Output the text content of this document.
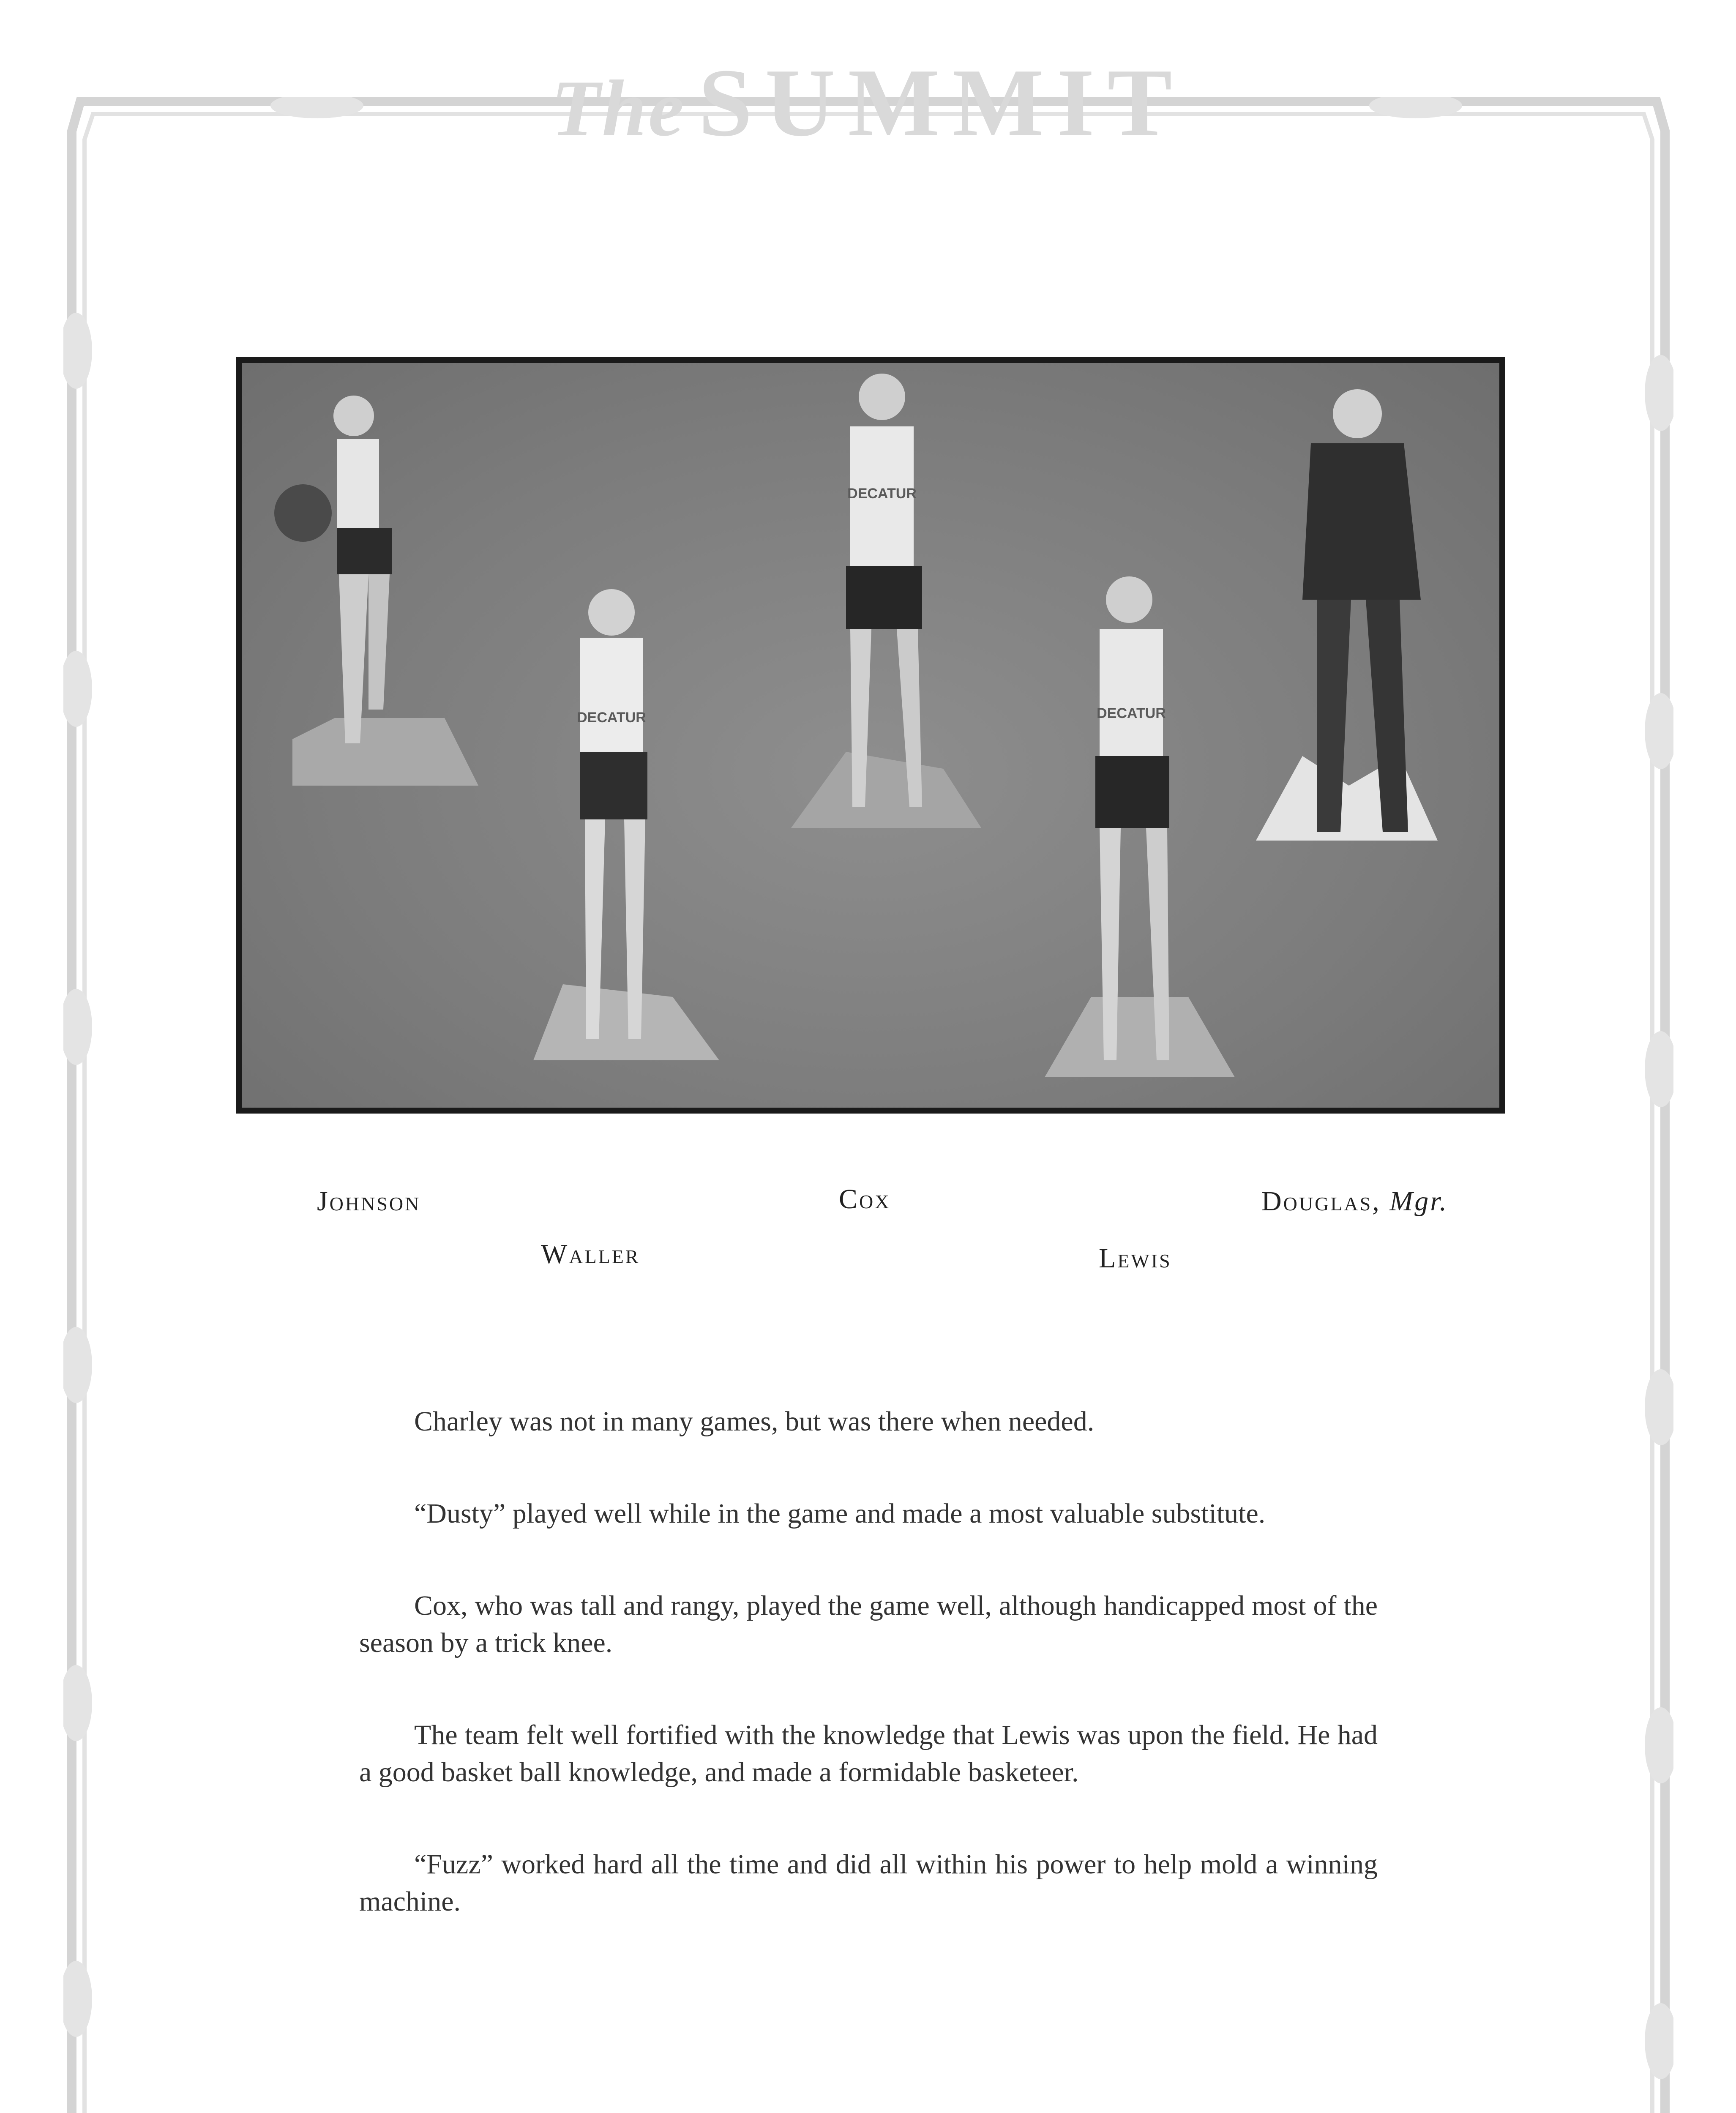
The SUMMIT
DECATUR
DECATUR
DECATUR
Johnson	Cox	Douglas, Mgr.
Waller	Lewis

Charley was not in many games, but was there when needed.

“Dusty” played well while in the game and made a most valuable substitute.

Cox, who was tall and rangy, played the game well, although handicapped most of the season by a trick knee.

The team felt well fortified with the knowledge that Lewis was upon the field. He had a good basket ball knowledge, and made a formidable basketeer.

“Fuzz” worked hard all the time and did all within his power to help mold a winning machine.
